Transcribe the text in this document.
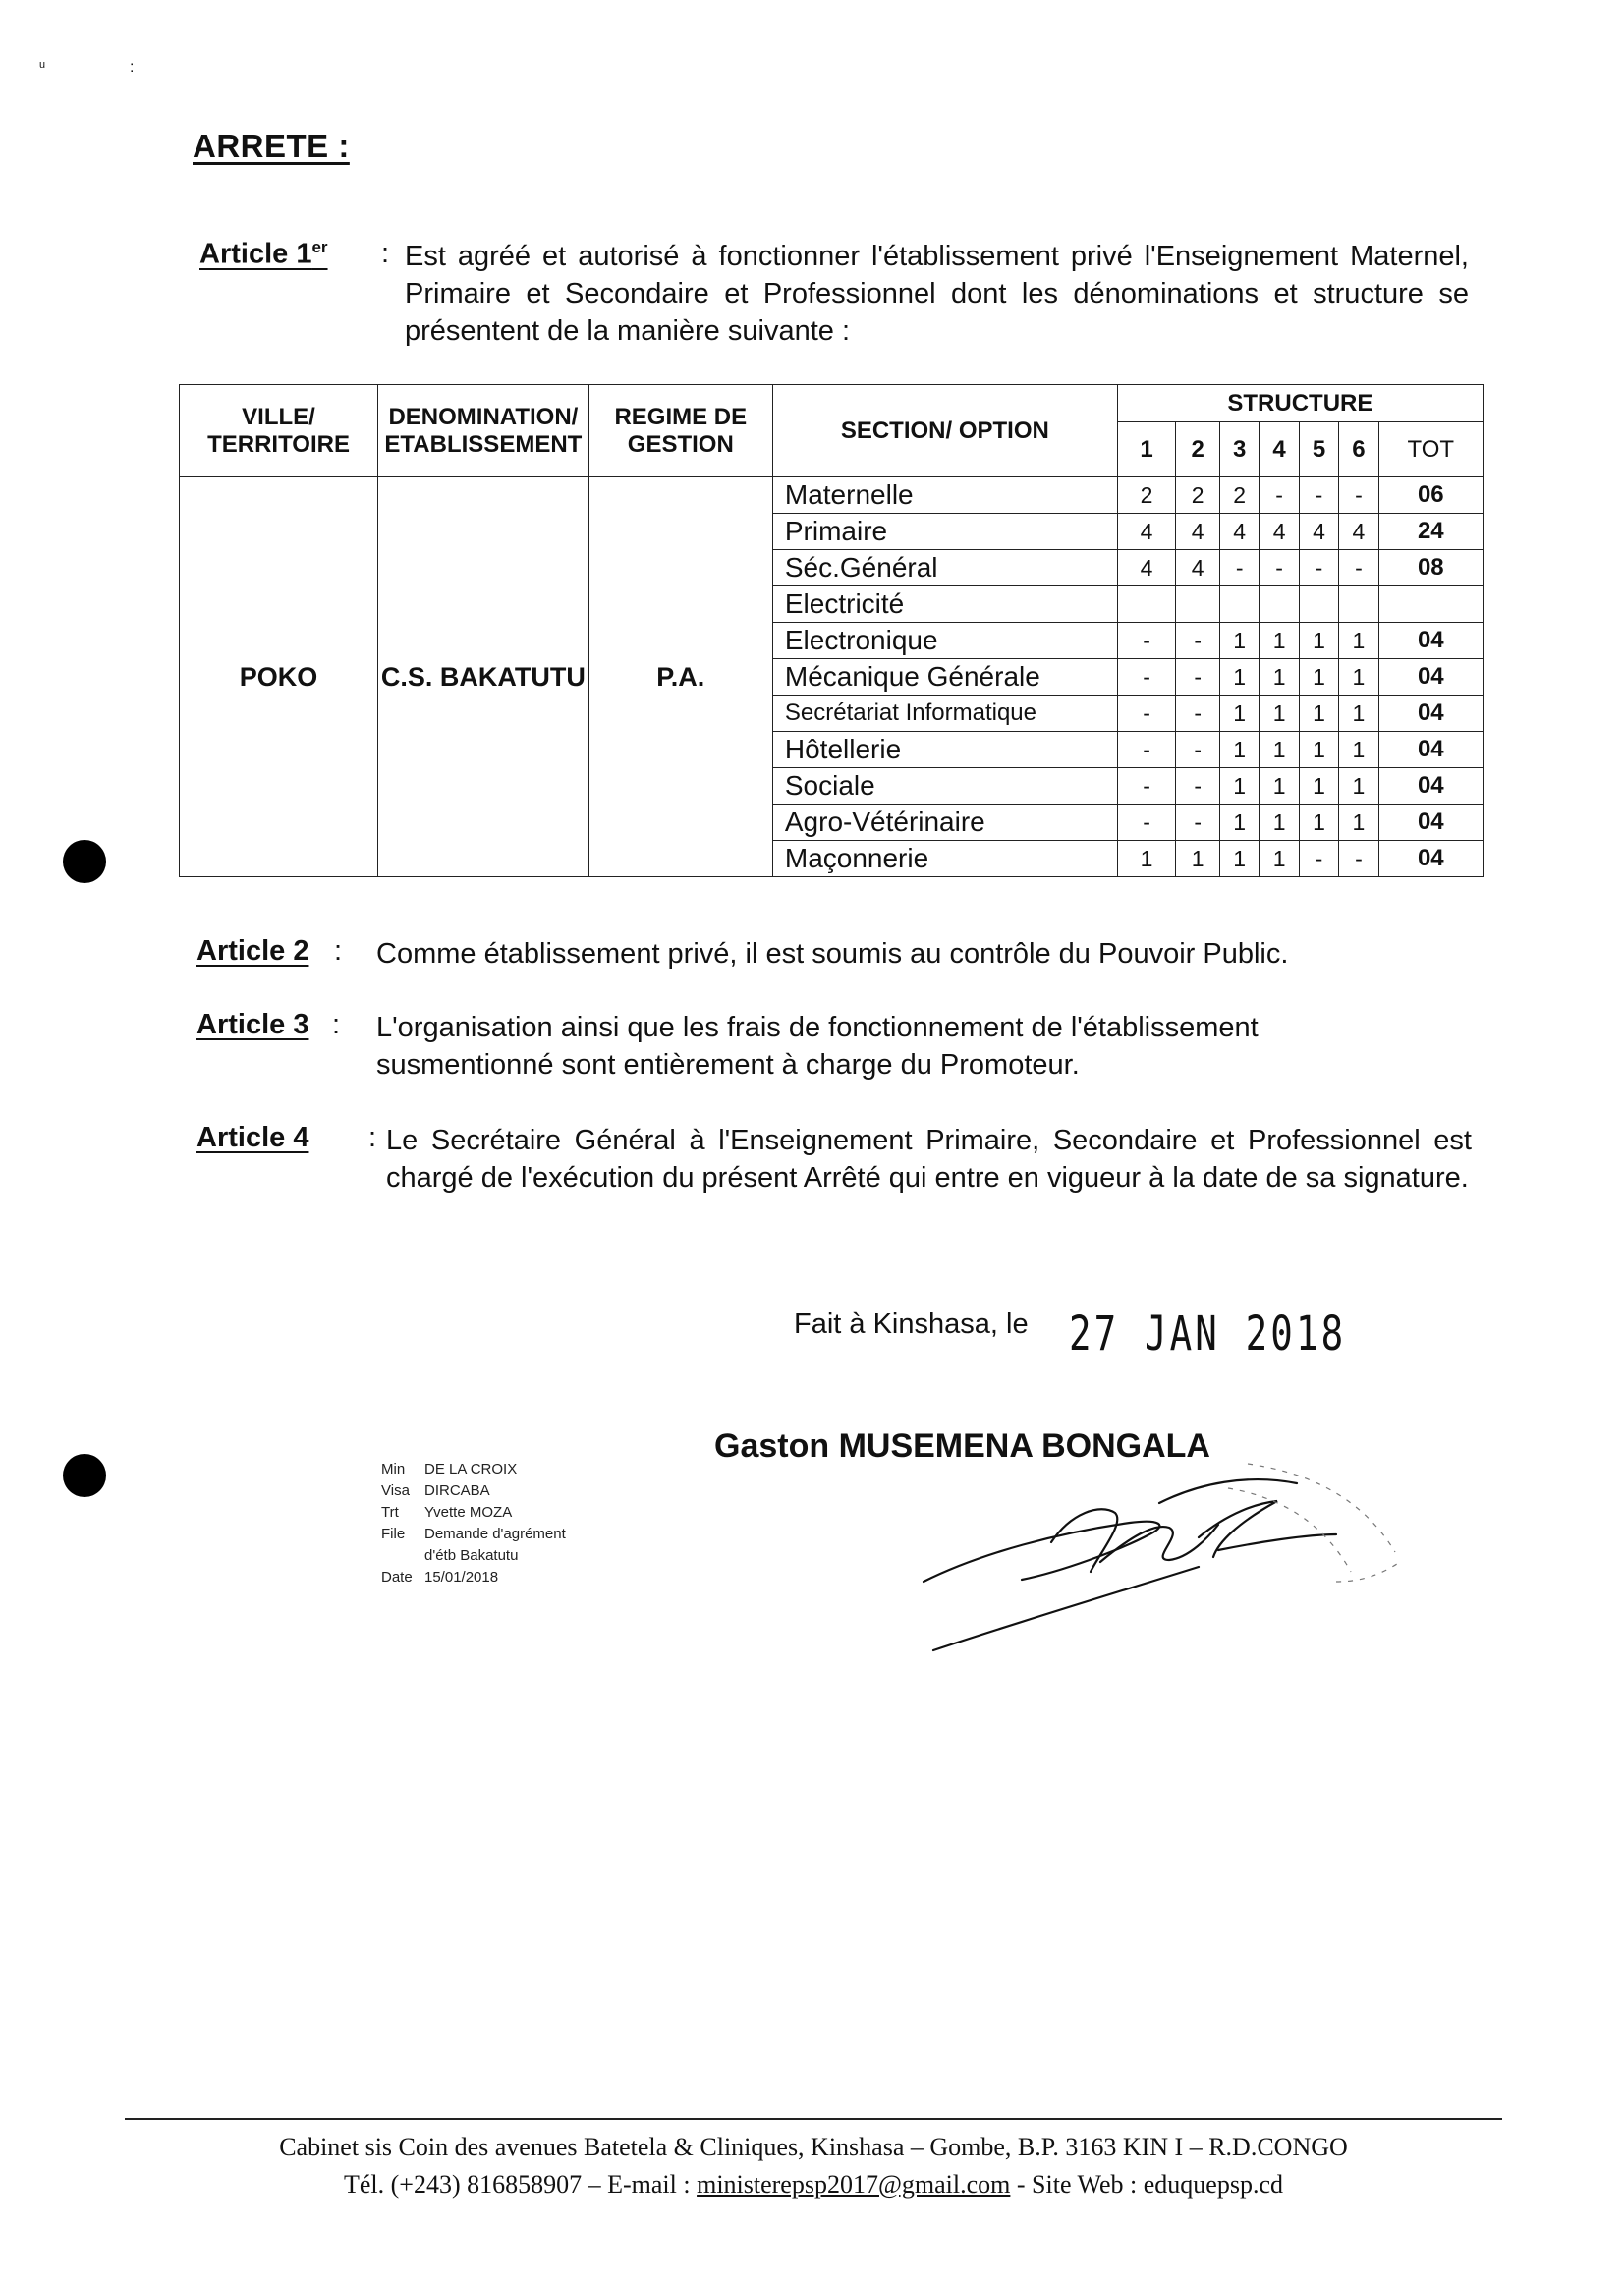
ᵘ	:
ARRETE :
Article 1er : Est agréé et autorisé à fonctionner l'établissement privé l'Enseignement Maternel, Primaire et Secondaire et Professionnel dont les dénominations et structure se présentent de la manière suivante :
VILLE/ TERRITOIRE	DENOMINATION/ ETABLISSEMENT	REGIME DE GESTION	SECTION/ OPTION	STRUCTURE						
				1	2	3	4	5	6	TOT
POKO	C.S. BAKATUTU	P.A.	Maternelle	2	2	2	-	-	-	06
			Primaire	4	4	4	4	4	4	24
			Séc.Général	4	4	-	-	-	-	08
			Electricité							
			Electronique	-	-	1	1	1	1	04
			Mécanique Générale	-	-	1	1	1	1	04
			Secrétariat Informatique	-	-	1	1	1	1	04
			Hôtellerie	-	-	1	1	1	1	04
			Sociale	-	-	1	1	1	1	04
			Agro-Vétérinaire	-	-	1	1	1	1	04
			Maçonnerie	1	1	1	1	-	-	04
Article 2 : Comme établissement privé, il est soumis au contrôle du Pouvoir Public.
Article 3 : L'organisation ainsi que les frais de fonctionnement de l'établissement susmentionné sont entièrement à charge du Promoteur.
Article 4 : Le Secrétaire Général à l'Enseignement Primaire, Secondaire et Professionnel est chargé de l'exécution du présent Arrêté qui entre en vigueur à la date de sa signature.
Fait à Kinshasa, le 27 JAN 2018
Gaston MUSEMENA BONGALA
Min DE LA CROIX
Visa DIRCABA
Trt Yvette MOZA
File Demande d'agrément
d'étb Bakatutu
Date 15/01/2018
Cabinet sis Coin des avenues Batetela & Cliniques, Kinshasa – Gombe, B.P. 3163 KIN I – R.D.CONGO
Tél. (+243) 816858907 – E-mail : ministerepsp2017@gmail.com - Site Web : eduquepsp.cd
